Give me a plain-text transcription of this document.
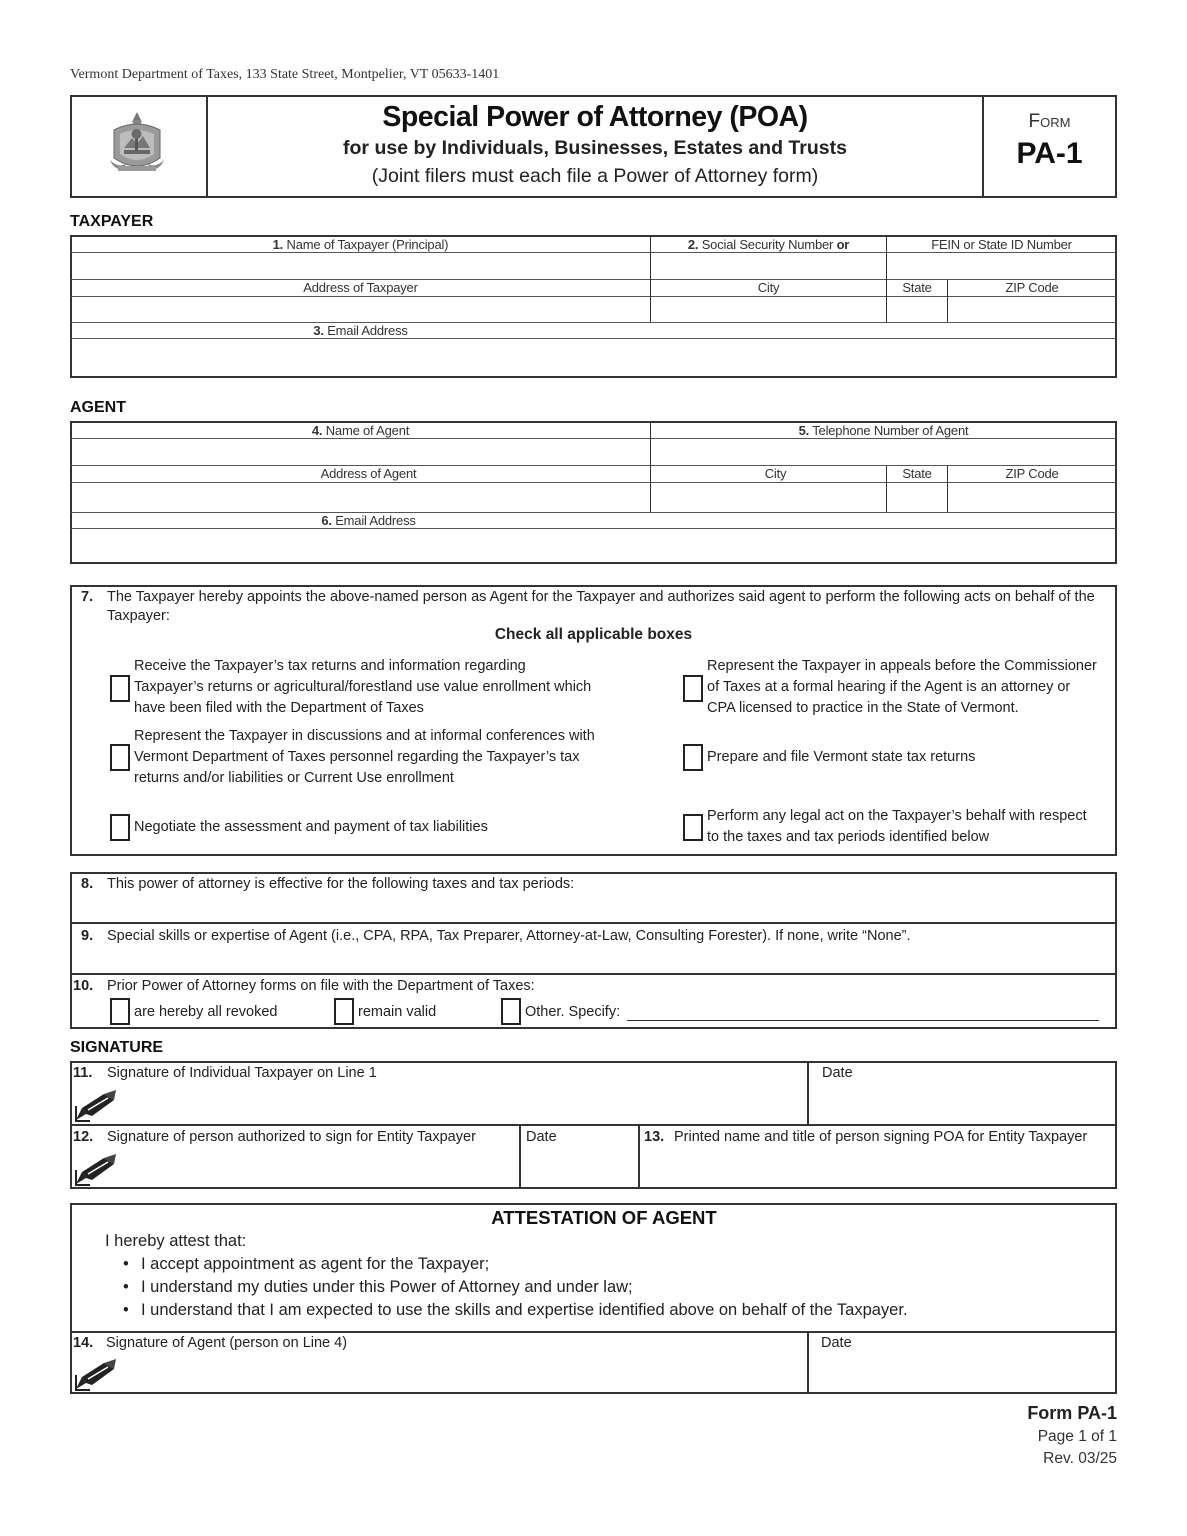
Vermont Department of Taxes, 133 State Street, Montpelier, VT 05633-1401
Special Power of Attorney (POA)
for use by Individuals, Businesses, Estates and Trusts
(Joint filers must each file a Power of Attorney form)
Form
PA-1
TAXPAYER
1. Name of Taxpayer (Principal)	2. Social Security Number or	FEIN or State ID Number
Address of Taxpayer	City	State	ZIP Code
3. Email Address
AGENT
4. Name of Agent	5. Telephone Number of Agent
Address of Agent	City	State	ZIP Code
6. Email Address
7. The Taxpayer hereby appoints the above-named person as Agent for the Taxpayer and authorizes said agent to perform the following acts on behalf of the
Taxpayer:
Check all applicable boxes
Receive the Taxpayer’s tax returns and information regarding
Taxpayer’s returns or agricultural/forestland use value enrollment which
have been filed with the Department of Taxes
Represent the Taxpayer in appeals before the Commissioner
of Taxes at a formal hearing if the Agent is an attorney or
CPA licensed to practice in the State of Vermont.
Represent the Taxpayer in discussions and at informal conferences with
Vermont Department of Taxes personnel regarding the Taxpayer’s tax
returns and/or liabilities or Current Use enrollment
Prepare and file Vermont state tax returns
Negotiate the assessment and payment of tax liabilities
Perform any legal act on the Taxpayer’s behalf with respect
to the taxes and tax periods identified below
8. This power of attorney is effective for the following taxes and tax periods:
9. Special skills or expertise of Agent (i.e., CPA, RPA, Tax Preparer, Attorney-at-Law, Consulting Forester). If none, write “None”.
10. Prior Power of Attorney forms on file with the Department of Taxes:
are hereby all revoked	remain valid	Other. Specify:
SIGNATURE
11. Signature of Individual Taxpayer on Line 1	Date
12. Signature of person authorized to sign for Entity Taxpayer	Date	13. Printed name and title of person signing POA for Entity Taxpayer
ATTESTATION OF AGENT
I hereby attest that:
• I accept appointment as agent for the Taxpayer;
• I understand my duties under this Power of Attorney and under law;
• I understand that I am expected to use the skills and expertise identified above on behalf of the Taxpayer.
14. Signature of Agent (person on Line 4)	Date
Form PA-1
Page 1 of 1
Rev. 03/25
